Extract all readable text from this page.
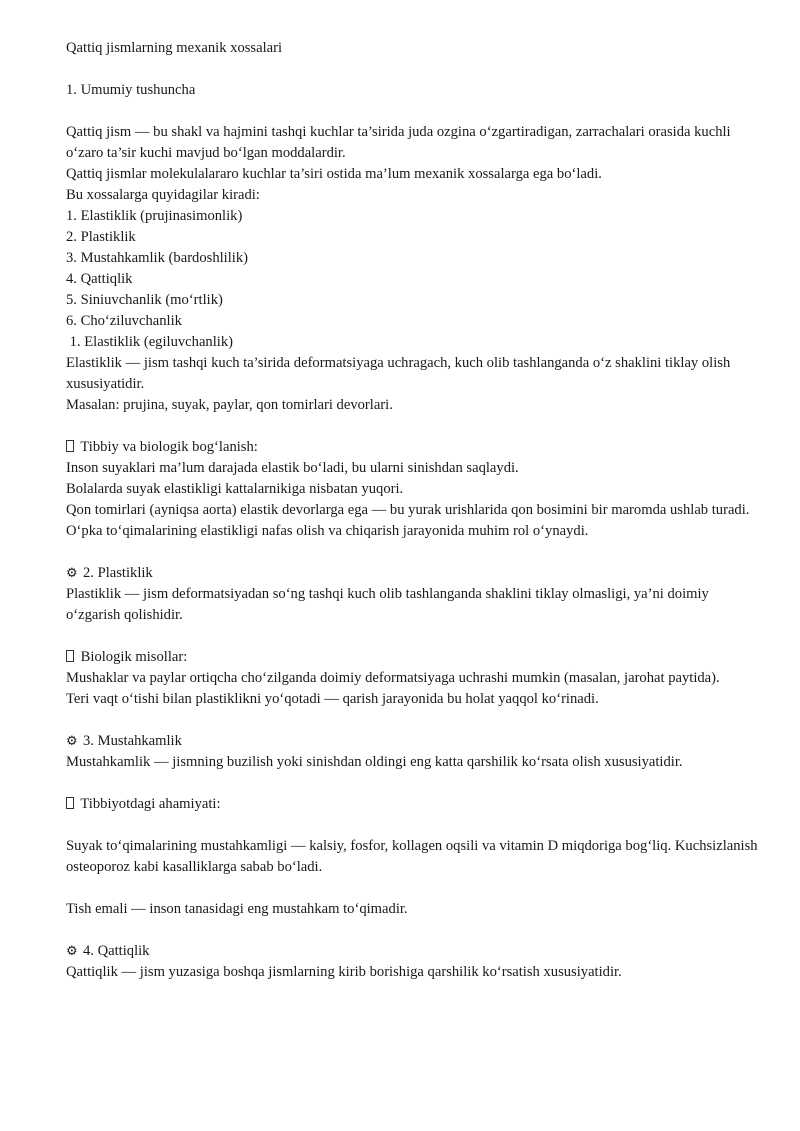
Qattiq jismlarning mexanik xossalari
1. Umumiy tushuncha
Qattiq jism — bu shakl va hajmini tashqi kuchlar ta’sirida juda ozgina o‘zgartiradigan, zarrachalari orasida kuchli o‘zaro ta’sir kuchi mavjud bo‘lgan moddalardir.
Qattiq jismlar molekulalararo kuchlar ta’siri ostida ma’lum mexanik xossalarga ega bo‘ladi.
Bu xossalarga quyidagilar kiradi:
1. Elastiklik (prujinasimonlik)
2. Plastiklik
3. Mustahkamlik (bardoshlilik)
4. Qattiqlik
5. Siniuvchanlik (mo‘rtlik)
6. Cho‘ziluvchanlik
1. Elastiklik (egiluvchanlik)
Elastiklik — jism tashqi kuch ta’sirida deformatsiyaga uchragach, kuch olib tashlanganda o‘z shaklini tiklay olish xususiyatidir.
Masalan: prujina, suyak, paylar, qon tomirlari devorlari.
Tibbiy va biologik bog‘lanish:
Inson suyaklari ma’lum darajada elastik bo‘ladi, bu ularni sinishdan saqlaydi.
Bolalarda suyak elastikligi kattalarnikiga nisbatan yuqori.
Qon tomirlari (ayniqsa aorta) elastik devorlarga ega — bu yurak urishlarida qon bosimini bir maromda ushlab turadi.
O‘pka to‘qimalarining elastikligi nafas olish va chiqarish jarayonida muhim rol o‘ynaydi.
⚙ 2. Plastiklik
Plastiklik — jism deformatsiyadan so‘ng tashqi kuch olib tashlanganda shaklini tiklay olmasligi, ya’ni doimiy o‘zgarish qolishidir.
Biologik misollar:
Mushaklar va paylar ortiqcha cho‘zilganda doimiy deformatsiyaga uchrashi mumkin (masalan, jarohat paytida).
Teri vaqt o‘tishi bilan plastiklikni yo‘qotadi — qarish jarayonida bu holat yaqqol ko‘rinadi.
⚙ 3. Mustahkamlik
Mustahkamlik — jismning buzilish yoki sinishdan oldingi eng katta qarshilik ko‘rsata olish xususiyatidir.
Tibbiyotdagi ahamiyati:
Suyak to‘qimalarining mustahkamligi — kalsiy, fosfor, kollagen oqsili va vitamin D miqdoriga bog‘liq. Kuchsizlanish osteoporoz kabi kasalliklarga sabab bo‘ladi.
Tish emali — inson tanasidagi eng mustahkam to‘qimadir.
⚙ 4. Qattiqlik
Qattiqlik — jism yuzasiga boshqa jismlarning kirib borishiga qarshilik ko‘rsatish xususiyatidir.
